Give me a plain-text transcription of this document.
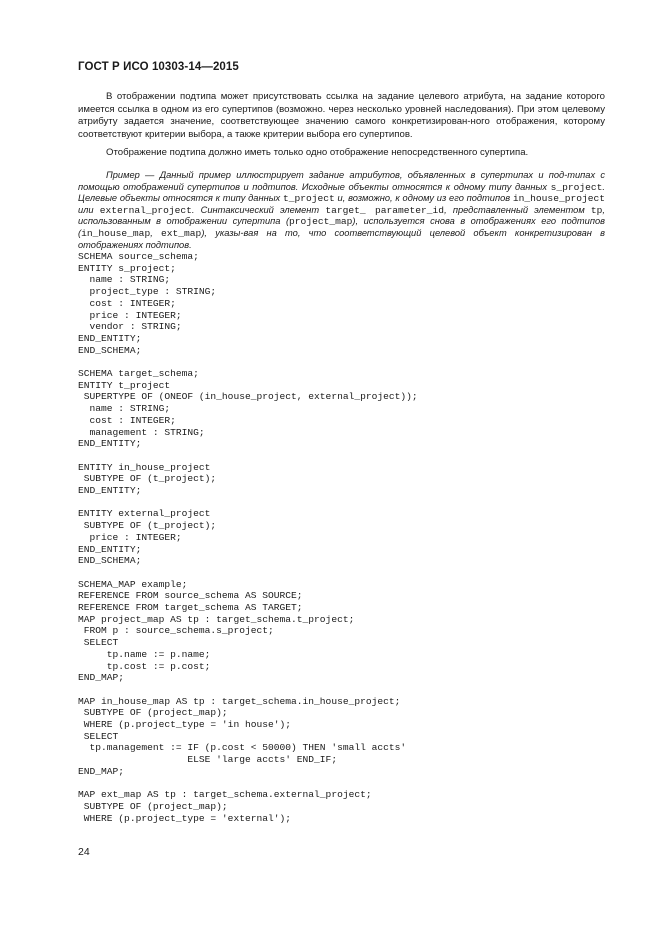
ГОСТ Р ИСО 10303-14—2015

В отображении подтипа может присутствовать ссылка на задание целевого атрибута, на задание которого имеется ссылка в одном из его супертипов (возможно. через несколько уровней наследования). При этом целевому атрибуту задается значение, соответствующее значению самого конкретизирован-ного отображения, которому соответствуют критерии выбора, а также критерии выбора его супертипов.

Отображение подтипа должно иметь только одно отображение непосредственного супертипа.

Пример — Данный пример иллюстрирует задание атрибутов, объявленных в супертипах и под-типах с помощью отображений супертипов и подтипов. Исходные объекты относятся к одному типу данных s_project. Целевые объекты относятся к типу данных t_project и, возможно, к одному из его подтипов in_house_project или external_project. Синтаксический элемент target_ parameter_id, представленный элементом tp, использованным в отображении супертипа (project_map), используется снова в отображениях его подтипов (in_house_map, ext_map), указы-вая на то, что соответствующий целевой объект конкретизирован в отображениях подтипов.

SCHEMA source_schema;
ENTITY s_project;
name : STRING;
project_type : STRING;
cost : INTEGER;
price : INTEGER;
vendor : STRING;
END_ENTITY;
END_SCHEMA;
SCHEMA target_schema;
ENTITY t_project
SUPERTYPE OF (ONEOF (in_house_project, external_project));
name : STRING;
cost : INTEGER;
management : STRING;
END_ENTITY;
ENTITY in_house_project
SUBTYPE OF (t_project);
END_ENTITY;
ENTITY external_project
SUBTYPE OF (t_project);
price : INTEGER;
END_ENTITY;
END_SCHEMA;
SCHEMA_MAP example;
REFERENCE FROM source_schema AS SOURCE;
REFERENCE FROM target_schema AS TARGET;
MAP project_map AS tp : target_schema.t_project;
FROM p : source_schema.s_project;
SELECT
tp.name := p.name;
tp.cost := p.cost;
END_MAP;
MAP in_house_map AS tp : target_schema.in_house_project;
SUBTYPE OF (project_map);
WHERE (p.project_type = 'in house');
SELECT
tp.management := IF (p.cost < 50000) THEN 'small accts'
ELSE 'large accts' END_IF;
END_MAP;
MAP ext_map AS tp : target_schema.external_project;
SUBTYPE OF (project_map);
WHERE (p.project_type = 'external');
24
